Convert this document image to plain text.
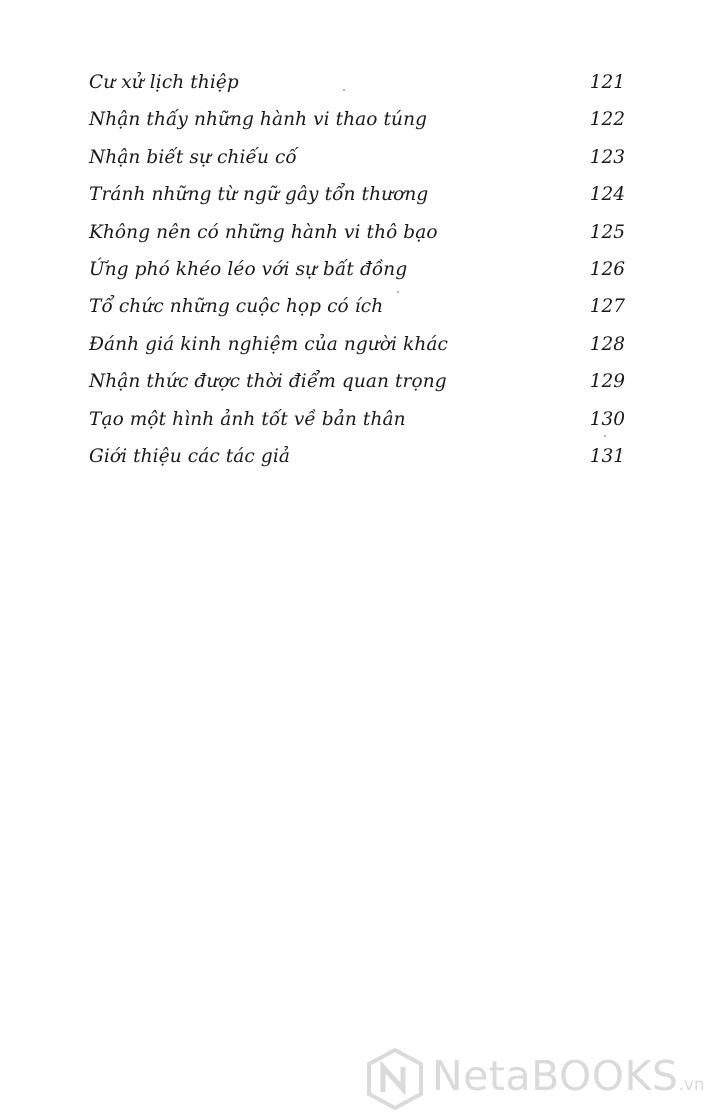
Cư xử lịch thiệp	121
Nhận thấy những hành vi thao túng	122
Nhận biết sự chiếu cố	123
Tránh những từ ngữ gây tổn thương	124
Không nên có những hành vi thô bạo	125
Ứng phó khéo léo với sự bất đồng	126
Tổ chức những cuộc họp có ích	127
Đánh giá kinh nghiệm của người khác	128
Nhận thức được thời điểm quan trọng	129
Tạo một hình ảnh tốt về bản thân	130
Giới thiệu các tác giả	131
NetaBOOKS.vn
